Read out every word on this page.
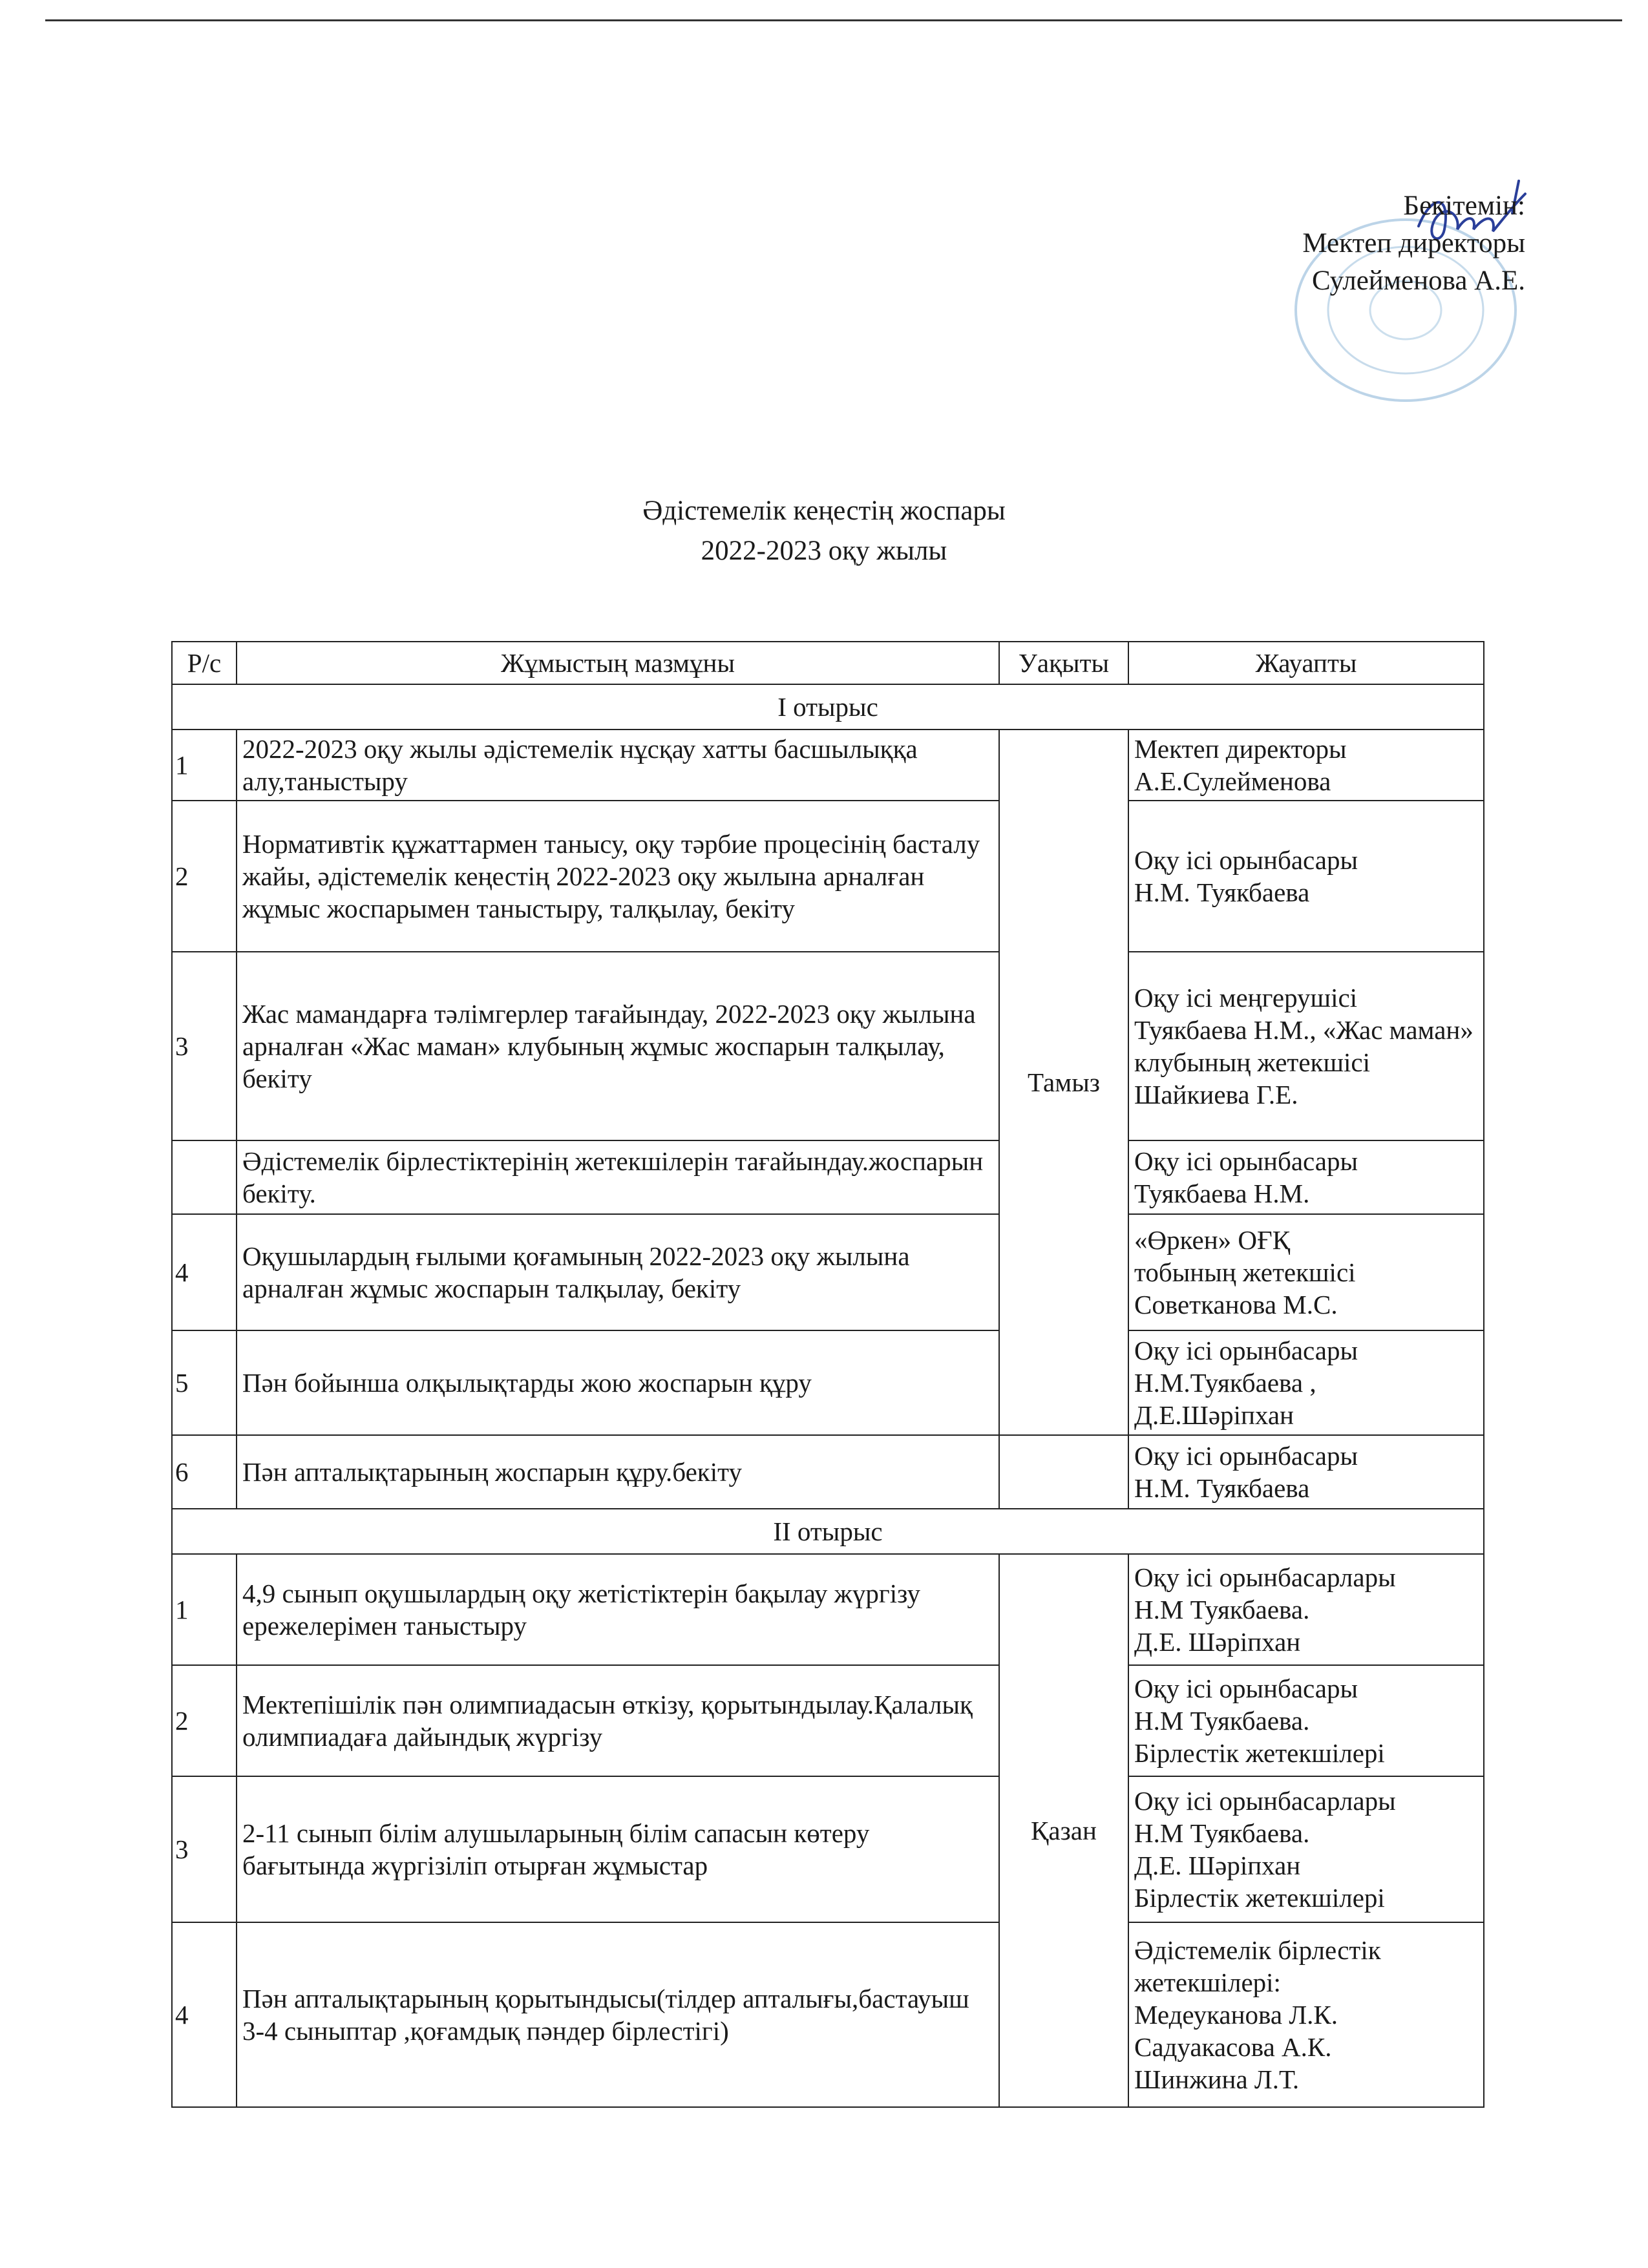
Бекітемін:
Мектеп директоры
Сулейменова А.Е.
Әдістемелік кеңестің жоспары
2022-2023 оқу жылы
Р/с	Жұмыстың мазмұны	Уақыты	Жауапты
І отырыс			
1	2022-2023 оқу жылы әдістемелік нұсқау хатты басшылыққа алу,таныстыру	Тамыз	Мектеп директоры
А.Е.Сулейменова

2	Нормативтік құжаттармен танысу, оқу тәрбие процесінің басталу жайы, әдістемелік кеңестің 2022-2023 оқу жылына арналған жұмыс жоспарымен таныстыру, талқылау, бекіту		Оқу ісі орынбасары
Н.М. Туякбаева

3	Жас мамандарға тәлімгерлер тағайындау, 2022-2023 оқу жылына арналған «Жас маман» клубының жұмыс жоспарын талқылау, бекіту		Оқу ісі меңгерушісі
Туякбаева Н.М., «Жас маман» клубының жетекшісі
Шайкиева Г.Е.

	Әдістемелік бірлестіктерінің жетекшілерін тағайындау.жоспарын бекіту.		Оқу ісі орынбасары
Туякбаева Н.М.

4	Оқушылардың ғылыми қоғамының 2022-2023 оқу жылына арналған жұмыс жоспарын талқылау, бекіту		«Өркен» ОҒҚ
тобының жетекшісі
Советканова М.С.

5	Пән бойынша олқылықтарды жою жоспарын құру		Оқу ісі орынбасары
Н.М.Туякбаева ,
Д.Е.Шәріпхан

6	Пән апталықтарының жоспарын құру.бекіту		Оқу ісі орынбасары
Н.М. Туякбаева

ІІ отырыс			
1	4,9 сынып оқушылардың оқу жетістіктерін бақылау жүргізу ережелерімен таныстыру	Қазан	Оқу ісі орынбасарлары
Н.М Туякбаева.
Д.Е. Шәріпхан

2	Мектепішілік пән олимпиадасын өткізу, қорытындылау.Қалалық олимпиадаға дайындық жүргізу		Оқу ісі орынбасары
Н.М Туякбаева.
Бірлестік жетекшілері

3	2-11 сынып білім алушыларының білім сапасын көтеру бағытында жүргізіліп отырған жұмыстар		Оқу ісі орынбасарлары
Н.М Туякбаева.
Д.Е. Шәріпхан
Бірлестік жетекшілері

4	Пән апталықтарының қорытындысы(тілдер апталығы,бастауыш 3-4 сыныптар ,қоғамдық пәндер бірлестігі)		Әдістемелік бірлестік
жетекшілері:
Медеуканова Л.К.
Садуакасова А.К.
Шинжина Л.Т.
